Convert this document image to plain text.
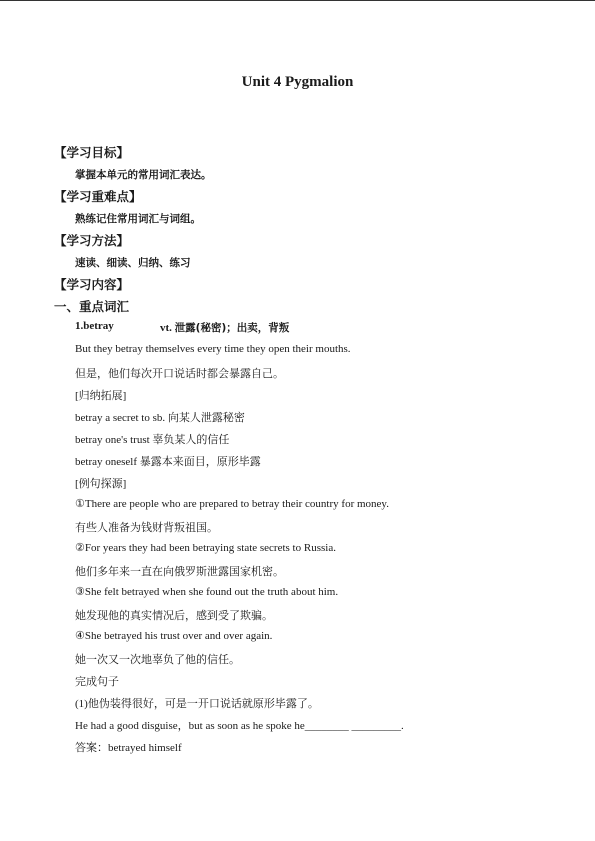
Unit 4 Pygmalion
【学习目标】
掌握本单元的常用词汇表达。
【学习重难点】
熟练记住常用词汇与词组。
【学习方法】
速读、细读、归纳、练习
【学习内容】
一、重点词汇
1.betray	vt. 泄露(秘密)；出卖，背叛
But they betray themselves every time they open their mouths.
但是，他们每次开口说话时都会暴露自己。
[归纳拓展]
betray a secret to sb. 向某人泄露秘密
betray one's trust 辜负某人的信任
betray oneself 暴露本来面目，原形毕露
[例句探源]
①There are people who are prepared to betray their country for money.
有些人准备为钱财背叛祖国。
②For years they had been betraying state secrets to Russia.
他们多年来一直在向俄罗斯泄露国家机密。
③She felt betrayed when she found out the truth about him.
她发现他的真实情况后，感到受了欺骗。
④She betrayed his trust over and over again.
她一次又一次地辜负了他的信任。
完成句子
(1)他伪装得很好，可是一开口说话就原形毕露了。
He had a good disguise，but as soon as he spoke he________ _________.
答案：betrayed himself
